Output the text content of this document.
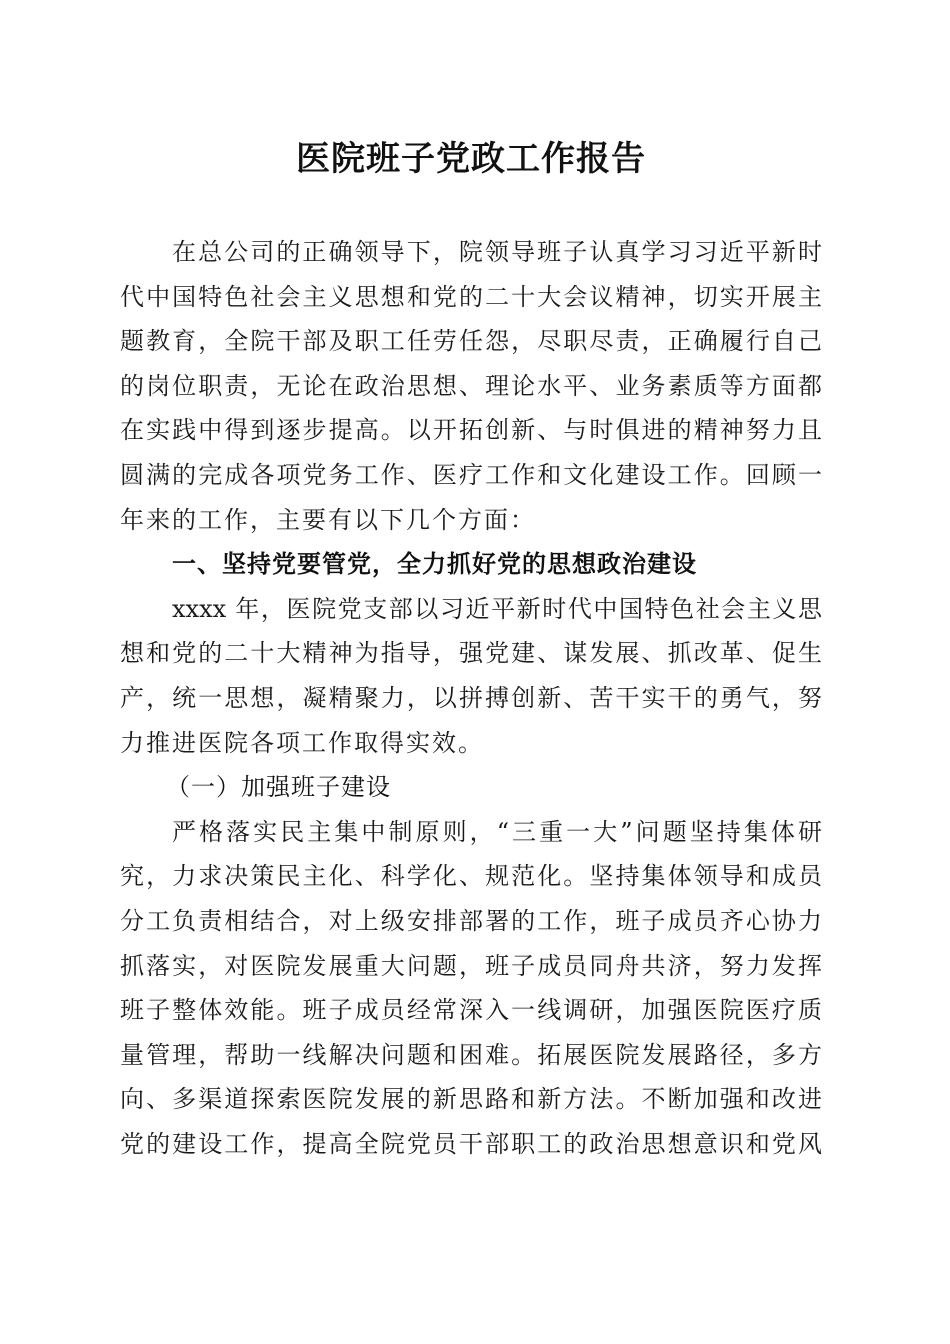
医院班子党政工作报告
在总公司的正确领导下，院领导班子认真学习习近平新时
代中国特色社会主义思想和党的二十大会议精神，切实开展主
题教育，全院干部及职工任劳任怨，尽职尽责，正确履行自己
的岗位职责，无论在政治思想、理论水平、业务素质等方面都
在实践中得到逐步提高。以开拓创新、与时俱进的精神努力且
圆满的完成各项党务工作、医疗工作和文化建设工作。回顾一
年来的工作，主要有以下几个方面：
一、坚持党要管党，全力抓好党的思想政治建设
xxxx 年，医院党支部以习近平新时代中国特色社会主义思
想和党的二十大精神为指导，强党建、谋发展、抓改革、促生
产，统一思想，凝精聚力，以拼搏创新、苦干实干的勇气，努
力推进医院各项工作取得实效。
（一）加强班子建设
严格落实民主集中制原则，“三重一大”问题坚持集体研
究，力求决策民主化、科学化、规范化。坚持集体领导和成员
分工负责相结合，对上级安排部署的工作，班子成员齐心协力
抓落实，对医院发展重大问题，班子成员同舟共济，努力发挥
班子整体效能。班子成员经常深入一线调研，加强医院医疗质
量管理，帮助一线解决问题和困难。拓展医院发展路径，多方
向、多渠道探索医院发展的新思路和新方法。不断加强和改进
党的建设工作，提高全院党员干部职工的政治思想意识和党风
